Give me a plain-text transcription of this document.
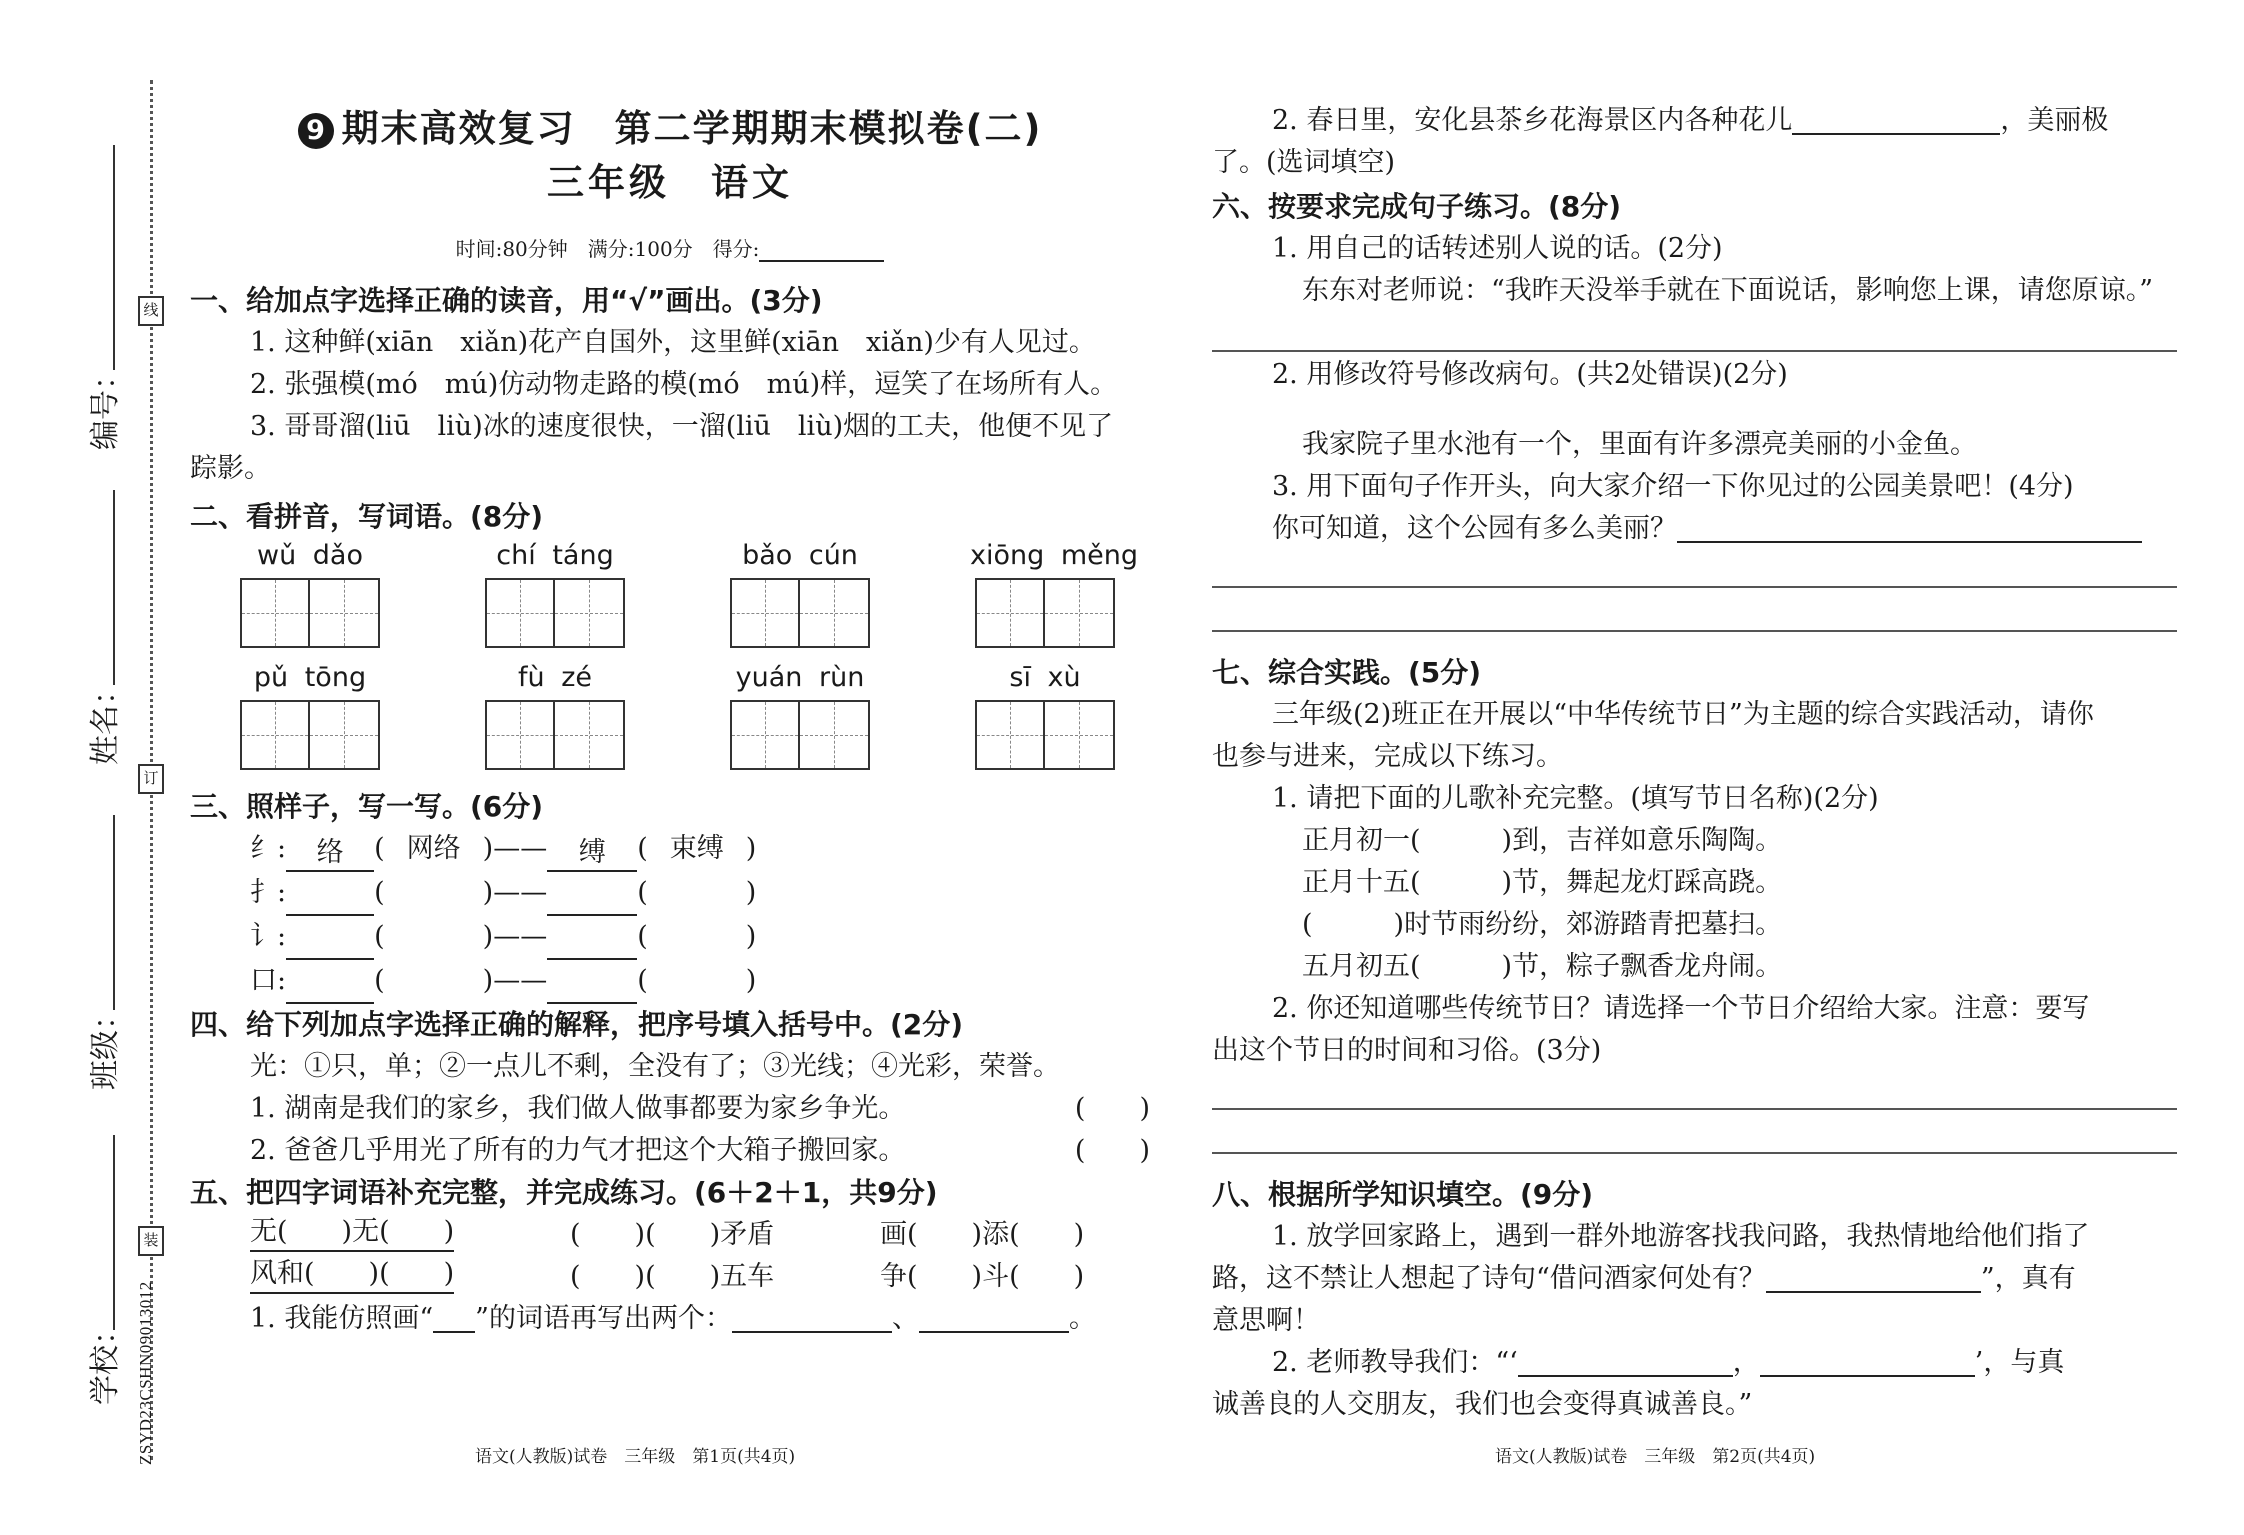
线
订
装
编号：
姓名：
班级：
学校： ZSYD23CSHN09013012
9 期末高效复习　第二学期期末模拟卷(二)
三年级　语文
时间:80分钟　满分:100分　得分:
一、给加点字选择正确的读音，用“√”画出。(3分)
1. 这种鲜(xiān　xiǎn)花产自国外，这里鲜(xiān　xiǎn)少有人见过。
2. 张强模(mó　mú)仿动物走路的模(mó　mú)样，逗笑了在场所有人。
3. 哥哥溜(liū　liù)冰的速度很快，一溜(liū　liù)烟的工夫，他便不见了
踪影。
二、看拼音，写词语。(8分)
wǔ dǎo	chí táng	bǎo cún	xiōng měng
pǔ tōng	fù zé	yuán rùn	sī xù
三、照样子，写一写。(6分)
纟: 络 ( 网络 )—— 缚 ( 束缚 )
扌:	(	)——	(	)
讠:	(	)——	(	)
口:	(	)——	(	)
四、给下列加点字选择正确的解释，把序号填入括号中。(2分)
光：①只，单；②一点儿不剩，全没有了；③光线；④光彩，荣誉。
1. 湖南是我们的家乡，我们做人做事都要为家乡争光。	(　　)
2. 爸爸几乎用光了所有的力气才把这个大箱子搬回家。	(　　)
五、把四字词语补充完整，并完成练习。(6＋2＋1，共9分)
无(　　)无(　　)	(　　)(　　)矛盾	画(　　)添(　　)
风和(　　)(　　)	(　　)(　　)五车	争(　　)斗(　　)
1. 我能仿照画“ ”的词语再写出两个：	、	。
2. 春日里，安化县茶乡花海景区内各种花儿	，美丽极
了。(选词填空)
六、按要求完成句子练习。(8分)
1. 用自己的话转述别人说的话。(2分)
东东对老师说：“我昨天没举手就在下面说话，影响您上课，请您原谅。”
2. 用修改符号修改病句。(共2处错误)(2分)
我家院子里水池有一个，里面有许多漂亮美丽的小金鱼。
3. 用下面句子作开头，向大家介绍一下你见过的公园美景吧！(4分)
你可知道，这个公园有多么美丽？
七、综合实践。(5分)
三年级(2)班正在开展以“中华传统节日”为主题的综合实践活动，请你
也参与进来，完成以下练习。
1. 请把下面的儿歌补充完整。(填写节日名称)(2分)
正月初一(　　　)到，吉祥如意乐陶陶。
正月十五(　　　)节，舞起龙灯踩高跷。
(　　　)时节雨纷纷，郊游踏青把墓扫。
五月初五(　　　)节，粽子飘香龙舟闹。
2. 你还知道哪些传统节日？请选择一个节日介绍给大家。注意：要写
出这个节日的时间和习俗。(3分)
八、根据所学知识填空。(9分)
1. 放学回家路上，遇到一群外地游客找我问路，我热情地给他们指了
路，这不禁让人想起了诗句“借问酒家何处有？	”，真有
意思啊！
2. 老师教导我们：“‘	，	’，与真
诚善良的人交朋友，我们也会变得真诚善良。”
语文(人教版)试卷　三年级　第1页(共4页)	语文(人教版)试卷　三年级　第2页(共4页)
